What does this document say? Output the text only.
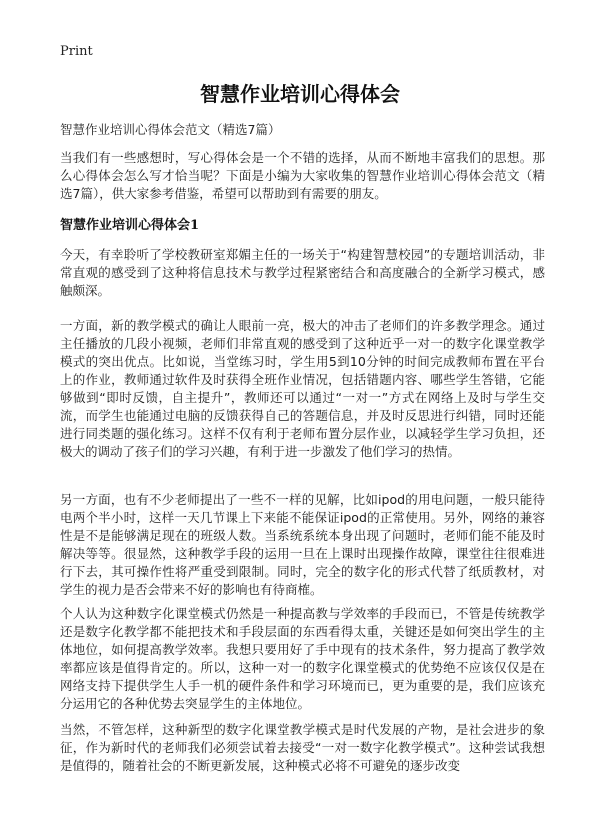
Print
智慧作业培训心得体会
智慧作业培训心得体会范文（精选7篇）

当我们有一些感想时，写心得体会是一个不错的选择，从而不断地丰富我们的思想。那么心得体会怎么写才恰当呢？下面是小编为大家收集的智慧作业培训心得体会范文（精选7篇），供大家参考借鉴，希望可以帮助到有需要的朋友。

智慧作业培训心得体会1

今天，有幸聆听了学校教研室郑媚主任的一场关于“构建智慧校园”的专题培训活动，非常直观的感受到了这种将信息技术与教学过程紧密结合和高度融合的全新学习模式，感触颇深。

一方面，新的教学模式的确让人眼前一亮，极大的冲击了老师们的许多教学理念。通过主任播放的几段小视频，老师们非常直观的感受到了这种近乎一对一的数字化课堂教学模式的突出优点。比如说，当堂练习时，学生用5到10分钟的时间完成教师布置在平台上的作业，教师通过软件及时获得全班作业情况，包括错题内容、哪些学生答错，它能够做到“即时反馈，自主提升”，教师还可以通过“一对一”方式在网络上及时与学生交流，而学生也能通过电脑的反馈获得自己的答题信息，并及时反思进行纠错，同时还能进行同类题的强化练习。这样不仅有利于老师布置分层作业，以减轻学生学习负担，还极大的调动了孩子们的学习兴趣，有利于进一步激发了他们学习的热情。

另一方面，也有不少老师提出了一些不一样的见解，比如ipod的用电问题，一般只能待电两个半小时，这样一天几节课上下来能不能保证ipod的正常使用。另外，网络的兼容性是不是能够满足现在的班级人数。当系统系统本身出现了问题时，老师们能不能及时解决等等。很显然，这种教学手段的运用一旦在上课时出现操作故障，课堂往往很难进行下去，其可操作性将严重受到限制。同时，完全的数字化的形式代替了纸质教材，对学生的视力是否会带来不好的影响也有待商榷。

个人认为这种数字化课堂模式仍然是一种提高教与学效率的手段而已，不管是传统教学还是数字化教学都不能把技术和手段层面的东西看得太重，关键还是如何突出学生的主体地位，如何提高教学效率。我想只要用好了手中现有的技术条件，努力提高了教学效率都应该是值得肯定的。所以，这种一对一的数字化课堂模式的优势绝不应该仅仅是在网络支持下提供学生人手一机的硬件条件和学习环境而已，更为重要的是，我们应该充分运用它的各种优势去突显学生的主体地位。

当然，不管怎样，这种新型的数字化课堂教学模式是时代发展的产物，是社会进步的象征，作为新时代的老师我们必须尝试着去接受“一对一数字化教学模式”。这种尝试我想是值得的，随着社会的不断更新发展，这种模式必将不可避免的逐步改变
